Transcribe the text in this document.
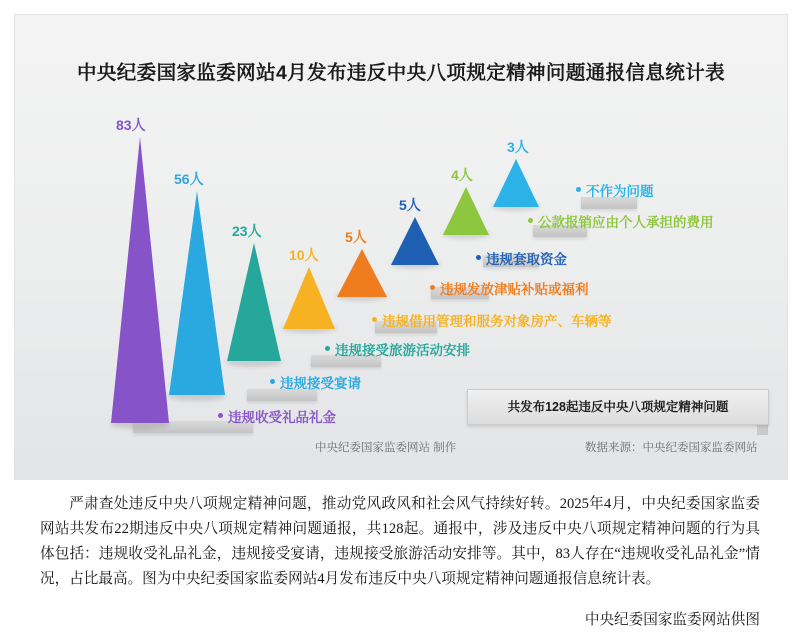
中央纪委国家监委网站4月发布违反中央八项规定精神问题通报信息统计表
83人
56人
23人
10人
5人
5人
4人
3人
违规收受礼品礼金
违规接受宴请
违规接受旅游活动安排
违规借用管理和服务对象房产、车辆等
违规发放津贴补贴或福利
违规套取资金
公款报销应由个人承担的费用
不作为问题
共发布128起违反中央八项规定精神问题
中央纪委国家监委网站 制作	数据来源：中央纪委国家监委网站

严肃查处违反中央八项规定精神问题，推动党风政风和社会风气持续好转。2025年4月，中央纪委国家监委网站共发布22期违反中央八项规定精神问题通报，共128起。通报中，涉及违反中央八项规定精神问题的行为具体包括：违规收受礼品礼金，违规接受宴请，违规接受旅游活动安排等。其中，83人存在“违规收受礼品礼金”情况，占比最高。图为中央纪委国家监委网站4月发布违反中央八项规定精神问题通报信息统计表。

中央纪委国家监委网站供图
